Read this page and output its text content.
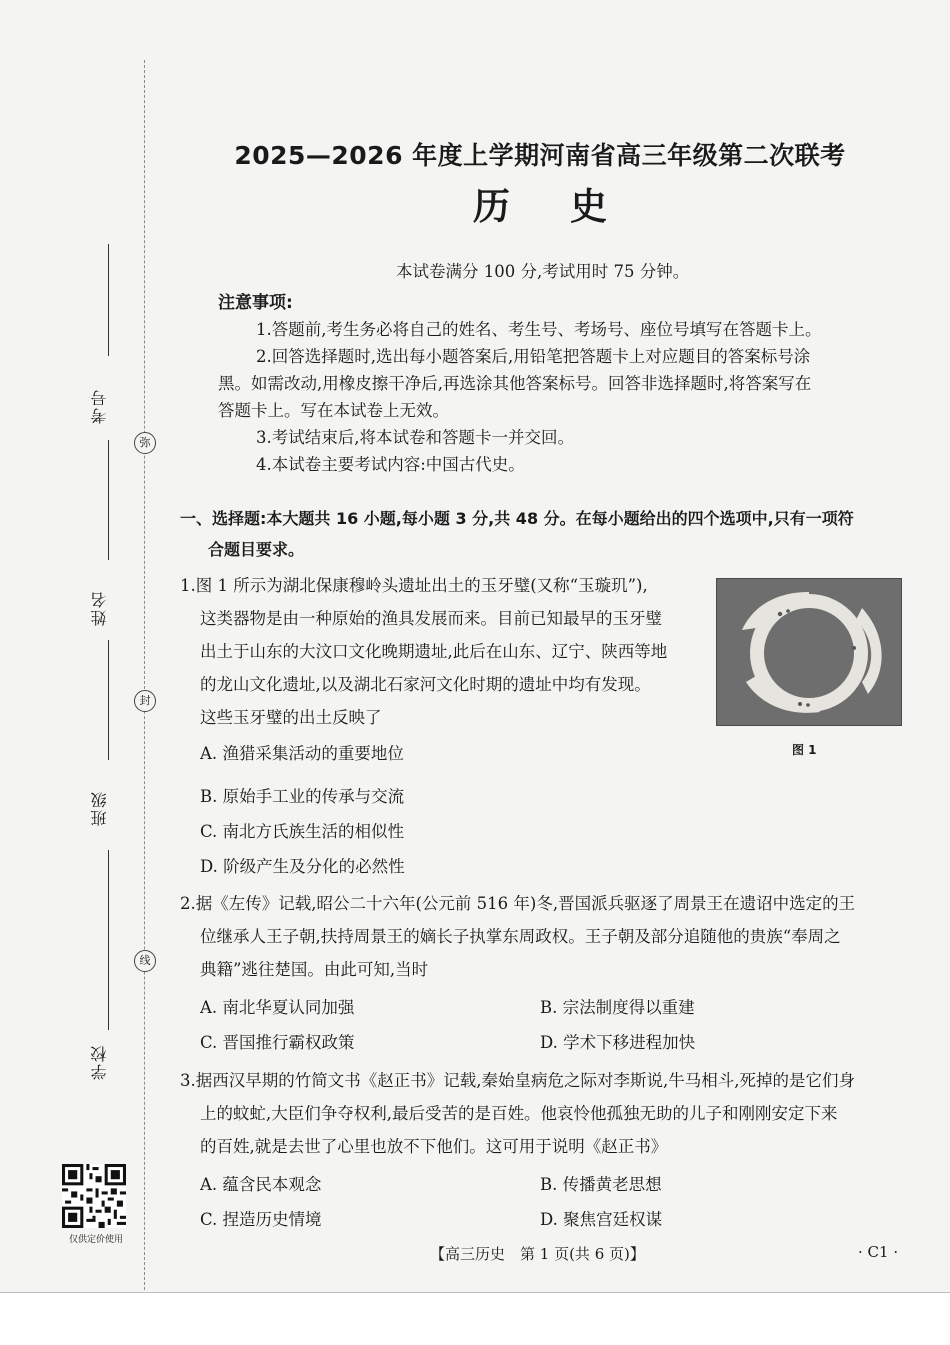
考号
姓名
班级
学校
弥
封
线
仅供定价使用
2025—2026 年度上学期河南省高三年级第二次联考
历史
本试卷满分 100 分,考试用时 75 分钟。
注意事项:
1.答题前,考生务必将自己的姓名、考生号、考场号、座位号填写在答题卡上。
2.回答选择题时,选出每小题答案后,用铅笔把答题卡上对应题目的答案标号涂
黑。如需改动,用橡皮擦干净后,再选涂其他答案标号。回答非选择题时,将答案写在
答题卡上。写在本试卷上无效。
3.考试结束后,将本试卷和答题卡一并交回。
4.本试卷主要考试内容:中国古代史。
一、选择题:本大题共 16 小题,每小题 3 分,共 48 分。在每小题给出的四个选项中,只有一项符
合题目要求。
1.图 1 所示为湖北保康穆岭头遗址出土的玉牙璧(又称“玉璇玑”),
这类器物是由一种原始的渔具发展而来。目前已知最早的玉牙璧
出土于山东的大汶口文化晚期遗址,此后在山东、辽宁、陕西等地
的龙山文化遗址,以及湖北石家河文化时期的遗址中均有发现。
这些玉牙璧的出土反映了
A. 渔猎采集活动的重要地位
B. 原始手工业的传承与交流
C. 南北方氏族生活的相似性
D. 阶级产生及分化的必然性
图 1
2.据《左传》记载,昭公二十六年(公元前 516 年)冬,晋国派兵驱逐了周景王在遗诏中选定的王
位继承人王子朝,扶持周景王的嫡长子执掌东周政权。王子朝及部分追随他的贵族“奉周之
典籍”逃往楚国。由此可知,当时
A. 南北华夏认同加强	B. 宗法制度得以重建
C. 晋国推行霸权政策	D. 学术下移进程加快
3.据西汉早期的竹简文书《赵正书》记载,秦始皇病危之际对李斯说,牛马相斗,死掉的是它们身
上的蚊虻,大臣们争夺权利,最后受苦的是百姓。他哀怜他孤独无助的儿子和刚刚安定下来
的百姓,就是去世了心里也放不下他们。这可用于说明《赵正书》
A. 蕴含民本观念	B. 传播黄老思想
C. 捏造历史情境	D. 聚焦宫廷权谋
【高三历史　第 1 页(共 6 页)】	· C1 ·
